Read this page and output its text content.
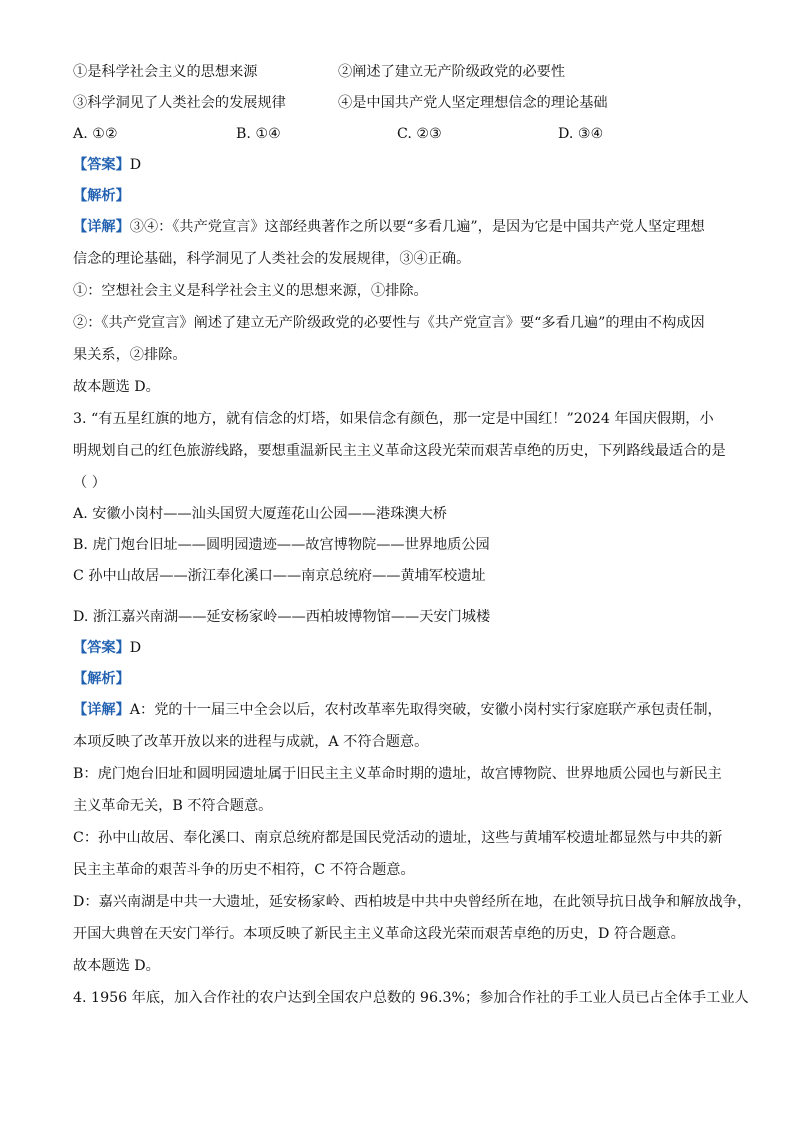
①是科学社会主义的思想来源	②阐述了建立无产阶级政党的必要性
③科学洞见了人类社会的发展规律	④是中国共产党人坚定理想信念的理论基础
A. ①②	B. ①④	C. ②③	D. ③④

【答案】D

【解析】

【详解】③④：《共产党宣言》这部经典著作之所以要“多看几遍”，是因为它是中国共产党人坚定理想

信念的理论基础，科学洞见了人类社会的发展规律，③④正确。

①：空想社会主义是科学社会主义的思想来源，①排除。

②：《共产党宣言》阐述了建立无产阶级政党的必要性与《共产党宣言》要“多看几遍”的理由不构成因

果关系，②排除。

故本题选 D。

3. “有五星红旗的地方，就有信念的灯塔，如果信念有颜色，那一定是中国红！”2024 年国庆假期，小

明规划自己的红色旅游线路，要想重温新民主主义革命这段光荣而艰苦卓绝的历史，下列路线最适合的是

（ ）

A. 安徽小岗村——汕头国贸大厦莲花山公园——港珠澳大桥

B. 虎门炮台旧址——圆明园遗迹——故宫博物院——世界地质公园

C 孙中山故居——浙江奉化溪口——南京总统府——黄埔军校遗址

D. 浙江嘉兴南湖——延安杨家岭——西柏坡博物馆——天安门城楼

【答案】D

【解析】

【详解】A：党的十一届三中全会以后，农村改革率先取得突破，安徽小岗村实行家庭联产承包责任制，

本项反映了改革开放以来的进程与成就，A 不符合题意。

B：虎门炮台旧址和圆明园遗址属于旧民主主义革命时期的遗址，故宫博物院、世界地质公园也与新民主

主义革命无关，B 不符合题意。

C：孙中山故居、奉化溪口、南京总统府都是国民党活动的遗址，这些与黄埔军校遗址都显然与中共的新

民主主革命的艰苦斗争的历史不相符，C 不符合题意。

D：嘉兴南湖是中共一大遗址，延安杨家岭、西柏坡是中共中央曾经所在地，在此领导抗日战争和解放战争，

开国大典曾在天安门举行。本项反映了新民主主义革命这段光荣而艰苦卓绝的历史，D 符合题意。

故本题选 D。

4. 1956 年底，加入合作社的农户达到全国农户总数的 96.3%；参加合作社的手工业人员已占全体手工业人
